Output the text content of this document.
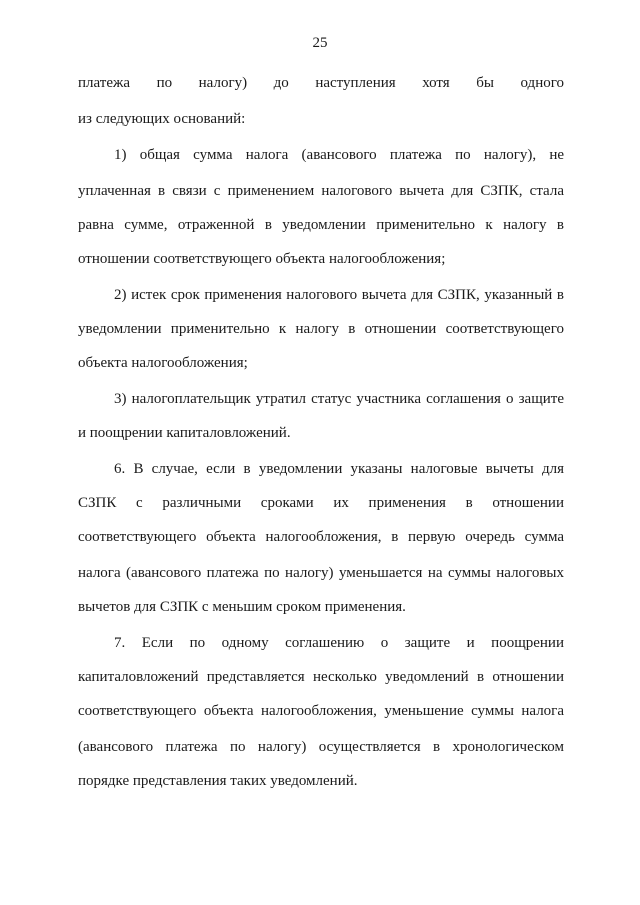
25
платежа по налогу) до наступления хотя бы одного
из следующих оснований:
1) общая сумма налога (авансового платежа по налогу), не
уплаченная в связи с применением налогового вычета для СЗПК, стала
равна сумме, отраженной в уведомлении применительно к налогу в
отношении соответствующего объекта налогообложения;
2) истек срок применения налогового вычета для СЗПК, указанный в
уведомлении применительно к налогу в отношении соответствующего
объекта налогообложения;
3) налогоплательщик утратил статус участника соглашения о защите
и поощрении капиталовложений.
6. В случае, если в уведомлении указаны налоговые вычеты для
СЗПК с различными сроками их применения в отношении
соответствующего объекта налогообложения, в первую очередь сумма
налога (авансового платежа по налогу) уменьшается на суммы налоговых
вычетов для СЗПК с меньшим сроком применения.
7. Если по одному соглашению о защите и поощрении
капиталовложений представляется несколько уведомлений в отношении
соответствующего объекта налогообложения, уменьшение суммы налога
(авансового платежа по налогу) осуществляется в хронологическом
порядке представления таких уведомлений.
